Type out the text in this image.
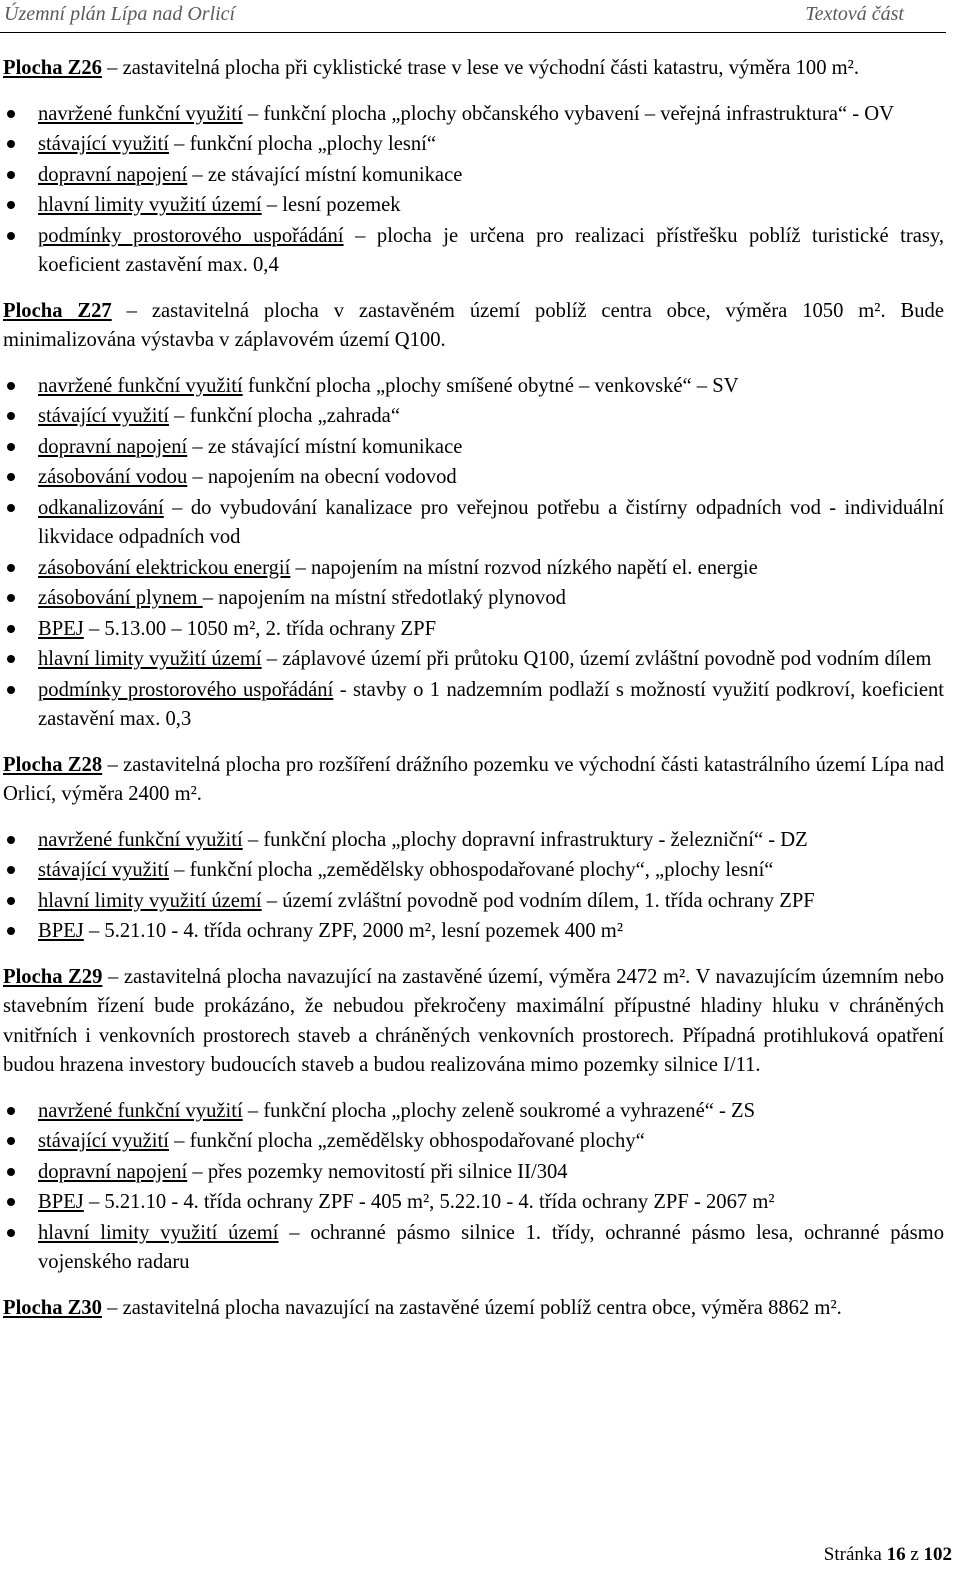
Územní plán Lípa nad Orlicí	Textová část

Plocha Z26 – zastavitelná plocha při cyklistické trase v lese ve východní části katastru, výměra 100 m².

navržené funkční využití – funkční plocha „plochy občanského vybavení – veřejná infrastruktura“ - OV
stávající využití – funkční plocha „plochy lesní“
dopravní napojení – ze stávající místní komunikace
hlavní limity využití území – lesní pozemek
podmínky prostorového uspořádání – plocha je určena pro realizaci přístřešku poblíž turistické trasy, koeficient zastavění max. 0,4

Plocha Z27 – zastavitelná plocha v zastavěném území poblíž centra obce, výměra 1050 m². Bude minimalizována výstavba v záplavovém území Q100.

navržené funkční využití funkční plocha „plochy smíšené obytné – venkovské“ – SV
stávající využití – funkční plocha „zahrada“
dopravní napojení – ze stávající místní komunikace
zásobování vodou – napojením na obecní vodovod
odkanalizování – do vybudování kanalizace pro veřejnou potřebu a čistírny odpadních vod - individuální likvidace odpadních vod
zásobování elektrickou energií – napojením na místní rozvod nízkého napětí el. energie
zásobování plynem – napojením na místní středotlaký plynovod
BPEJ – 5.13.00 – 1050 m², 2. třída ochrany ZPF
hlavní limity využití území – záplavové území při průtoku Q100, území zvláštní povodně pod vodním dílem
podmínky prostorového uspořádání - stavby o 1 nadzemním podlaží s možností využití podkroví, koeficient zastavění max. 0,3

Plocha Z28 – zastavitelná plocha pro rozšíření drážního pozemku ve východní části katastrálního území Lípa nad Orlicí, výměra 2400 m².

navržené funkční využití – funkční plocha „plochy dopravní infrastruktury - železniční“ - DZ
stávající využití – funkční plocha „zemědělsky obhospodařované plochy“, „plochy lesní“
hlavní limity využití území – území zvláštní povodně pod vodním dílem, 1. třída ochrany ZPF
BPEJ – 5.21.10 - 4. třída ochrany ZPF, 2000 m², lesní pozemek 400 m²

Plocha Z29 – zastavitelná plocha navazující na zastavěné území, výměra 2472 m². V navazujícím územním nebo stavebním řízení bude prokázáno, že nebudou překročeny maximální přípustné hladiny hluku v chráněných vnitřních i venkovních prostorech staveb a chráněných venkovních prostorech. Případná protihluková opatření budou hrazena investory budoucích staveb a budou realizována mimo pozemky silnice I/11.

navržené funkční využití – funkční plocha „plochy zeleně soukromé a vyhrazené“ - ZS
stávající využití – funkční plocha „zemědělsky obhospodařované plochy“
dopravní napojení – přes pozemky nemovitostí při silnice II/304
BPEJ – 5.21.10 - 4. třída ochrany ZPF - 405 m², 5.22.10 - 4. třída ochrany ZPF - 2067 m²
hlavní limity využití území – ochranné pásmo silnice 1. třídy, ochranné pásmo lesa, ochranné pásmo vojenského radaru

Plocha Z30 – zastavitelná plocha navazující na zastavěné území poblíž centra obce, výměra 8862 m².

Stránka 16 z 102
